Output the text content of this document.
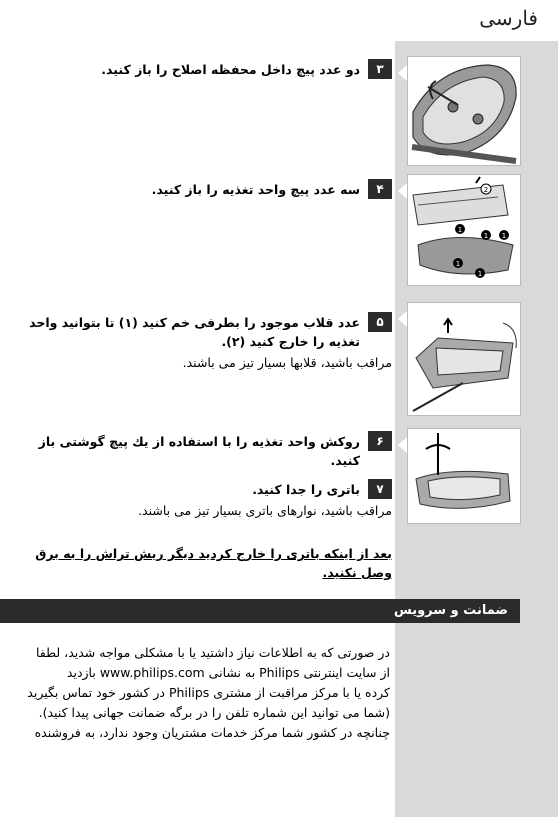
فارسی
2
1
1 1
1
1
۳
دو عدد پیچ داخل محفظه اصلاح را باز کنید.
۴
سه عدد پیچ واحد تغذیه را باز کنید.
۵
عدد قلاب موجود را بطرفی خم کنید (۱) تا بتوانید واحد
تغذیه را خارج کنید (۲).
مراقب باشید، قلابها بسیار تیز می باشند.
۶
روکش واحد تغذیه را با استفاده از یك پیچ گوشتی باز کنید.
۷
باتری را جدا کنید.
مراقب باشید، نوارهای باتری بسیار تیز می باشند.
بعد از اینکه باتری را خارج کردید دیگر ریش تراش را به برق
وصل نکنید.
ضمانت و سرویس
در صورتی که به اطلاعات نیاز داشتید یا با مشکلی مواجه شدید، لطفا
از سایت اینترنتی Philips به نشانی www.philips.com بازدید
کرده یا با مرکز مراقبت از مشتری Philips در کشور خود تماس بگیرید
(شما می توانید این شماره تلفن را در برگه ضمانت جهانی پیدا کنید).
چنانچه در کشور شما مرکز خدمات مشتریان وجود ندارد، به فروشنده
